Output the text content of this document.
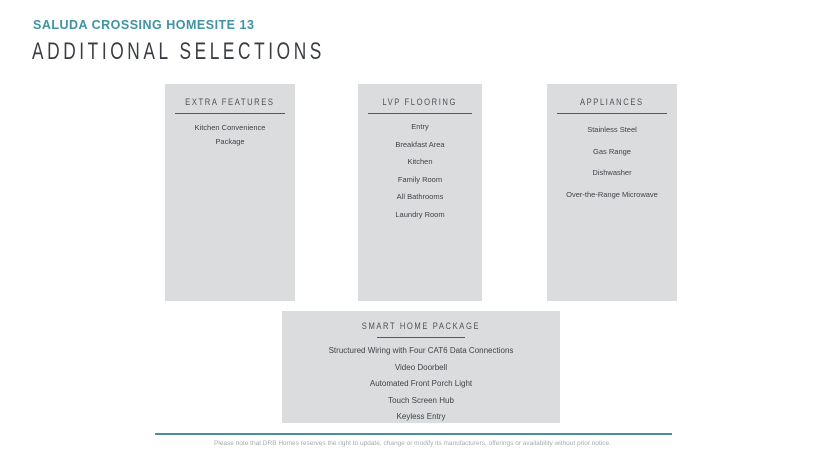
SALUDA CROSSING HOMESITE 13
ADDITIONAL SELECTIONS
EXTRA FEATURES
Kitchen Convenience Package
LVP FLOORING
Entry
Breakfast Area
Kitchen
Family Room
All Bathrooms
Laundry Room
APPLIANCES
Stainless Steel
Gas Range
Dishwasher
Over-the-Range Microwave
SMART HOME PACKAGE
Structured Wiring with Four CAT6 Data Connections
Video Doorbell
Automated Front Porch Light
Touch Screen Hub
Keyless Entry
Please note that DRB Homes reserves the right to update, change or modify its manufacturers, offerings or availability without prior notice.
